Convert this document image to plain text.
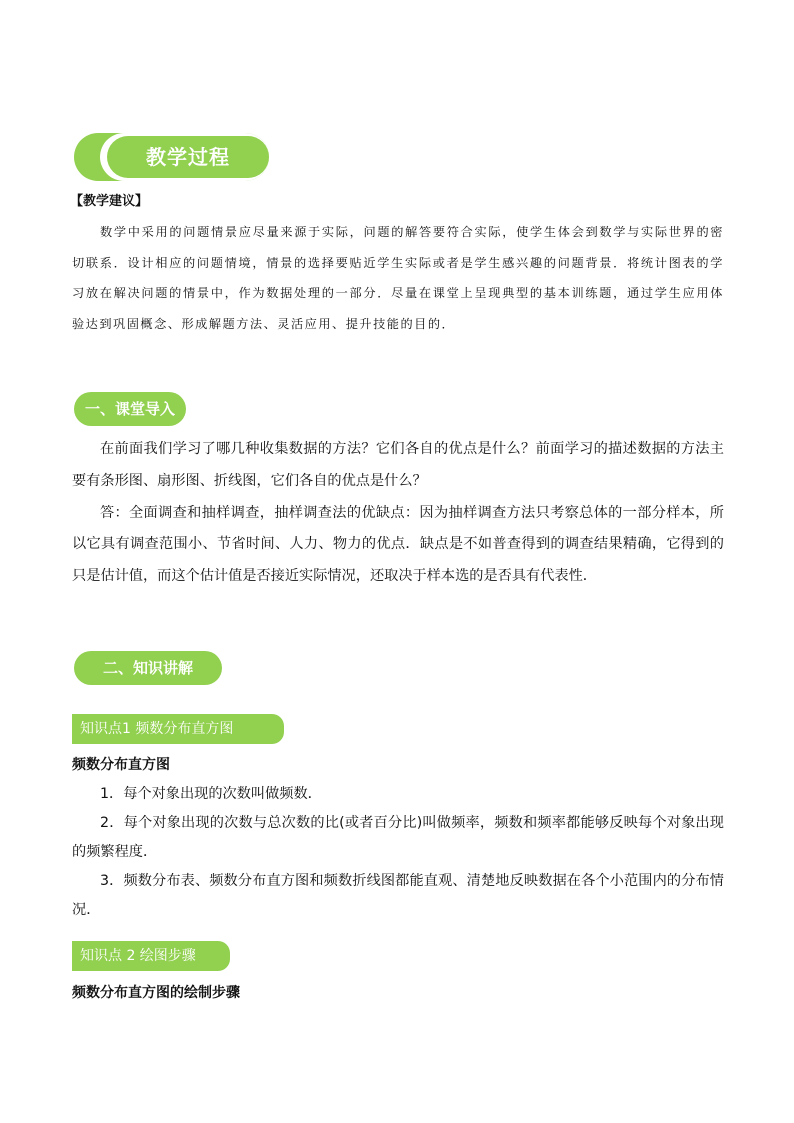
教学过程
【教学建议】

数学中采用的问题情景应尽量来源于实际，问题的解答要符合实际，使学生体会到数学与实际世界的密切联系．设计相应的问题情境，情景的选择要贴近学生实际或者是学生感兴趣的问题背景．将统计图表的学习放在解决问题的情景中，作为数据处理的一部分．尽量在课堂上呈现典型的基本训练题，通过学生应用体验达到巩固概念、形成解题方法、灵活应用、提升技能的目的．

一、课堂导入

在前面我们学习了哪几种收集数据的方法？它们各自的优点是什么？前面学习的描述数据的方法主要有条形图、扇形图、折线图，它们各自的优点是什么？

答：全面调查和抽样调查，抽样调查法的优缺点：因为抽样调查方法只考察总体的一部分样本，所以它具有调查范围小、节省时间、人力、物力的优点．缺点是不如普查得到的调查结果精确，它得到的只是估计值，而这个估计值是否接近实际情况，还取决于样本选的是否具有代表性．

二、知识讲解
知识点1 频数分布直方图
频数分布直方图

1．每个对象出现的次数叫做频数．

2．每个对象出现的次数与总次数的比(或者百分比)叫做频率，频数和频率都能够反映每个对象出现的频繁程度．

3．频数分布表、频数分布直方图和频数折线图都能直观、清楚地反映数据在各个小范围内的分布情况．

知识点 2 绘图步骤
频数分布直方图的绘制步骤
